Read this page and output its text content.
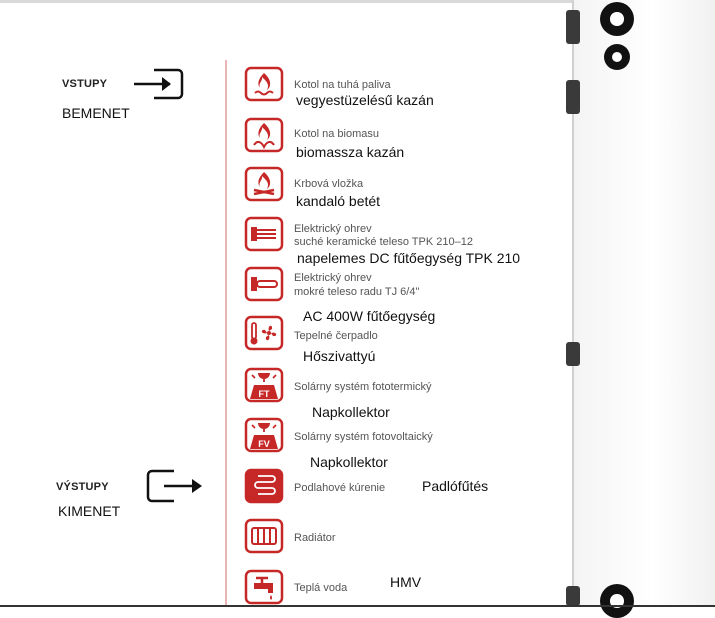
VSTUPY
BEMENET
VÝSTUPY
KIMENET
Kotol na tuhá paliva
vegyestüzelésű kazán
Kotol na biomasu
biomassza kazán
Krbová vložka
kandaló betét
Elektrický ohrev
suché keramické teleso TPK 210–12
napelemes DC fűtőegység TPK 210
Elektrický ohrev
mokré teleso radu TJ 6/4"
AC 400W fűtőegység
Tepelné čerpadlo
Hőszivattyú
FT
Solárny systém fototermický
Napkollektor
FV
Solárny systém fotovoltaický
Napkollektor
Podlahové kúrenie	Padlófűtés
Radiátor
Teplá voda	HMV
